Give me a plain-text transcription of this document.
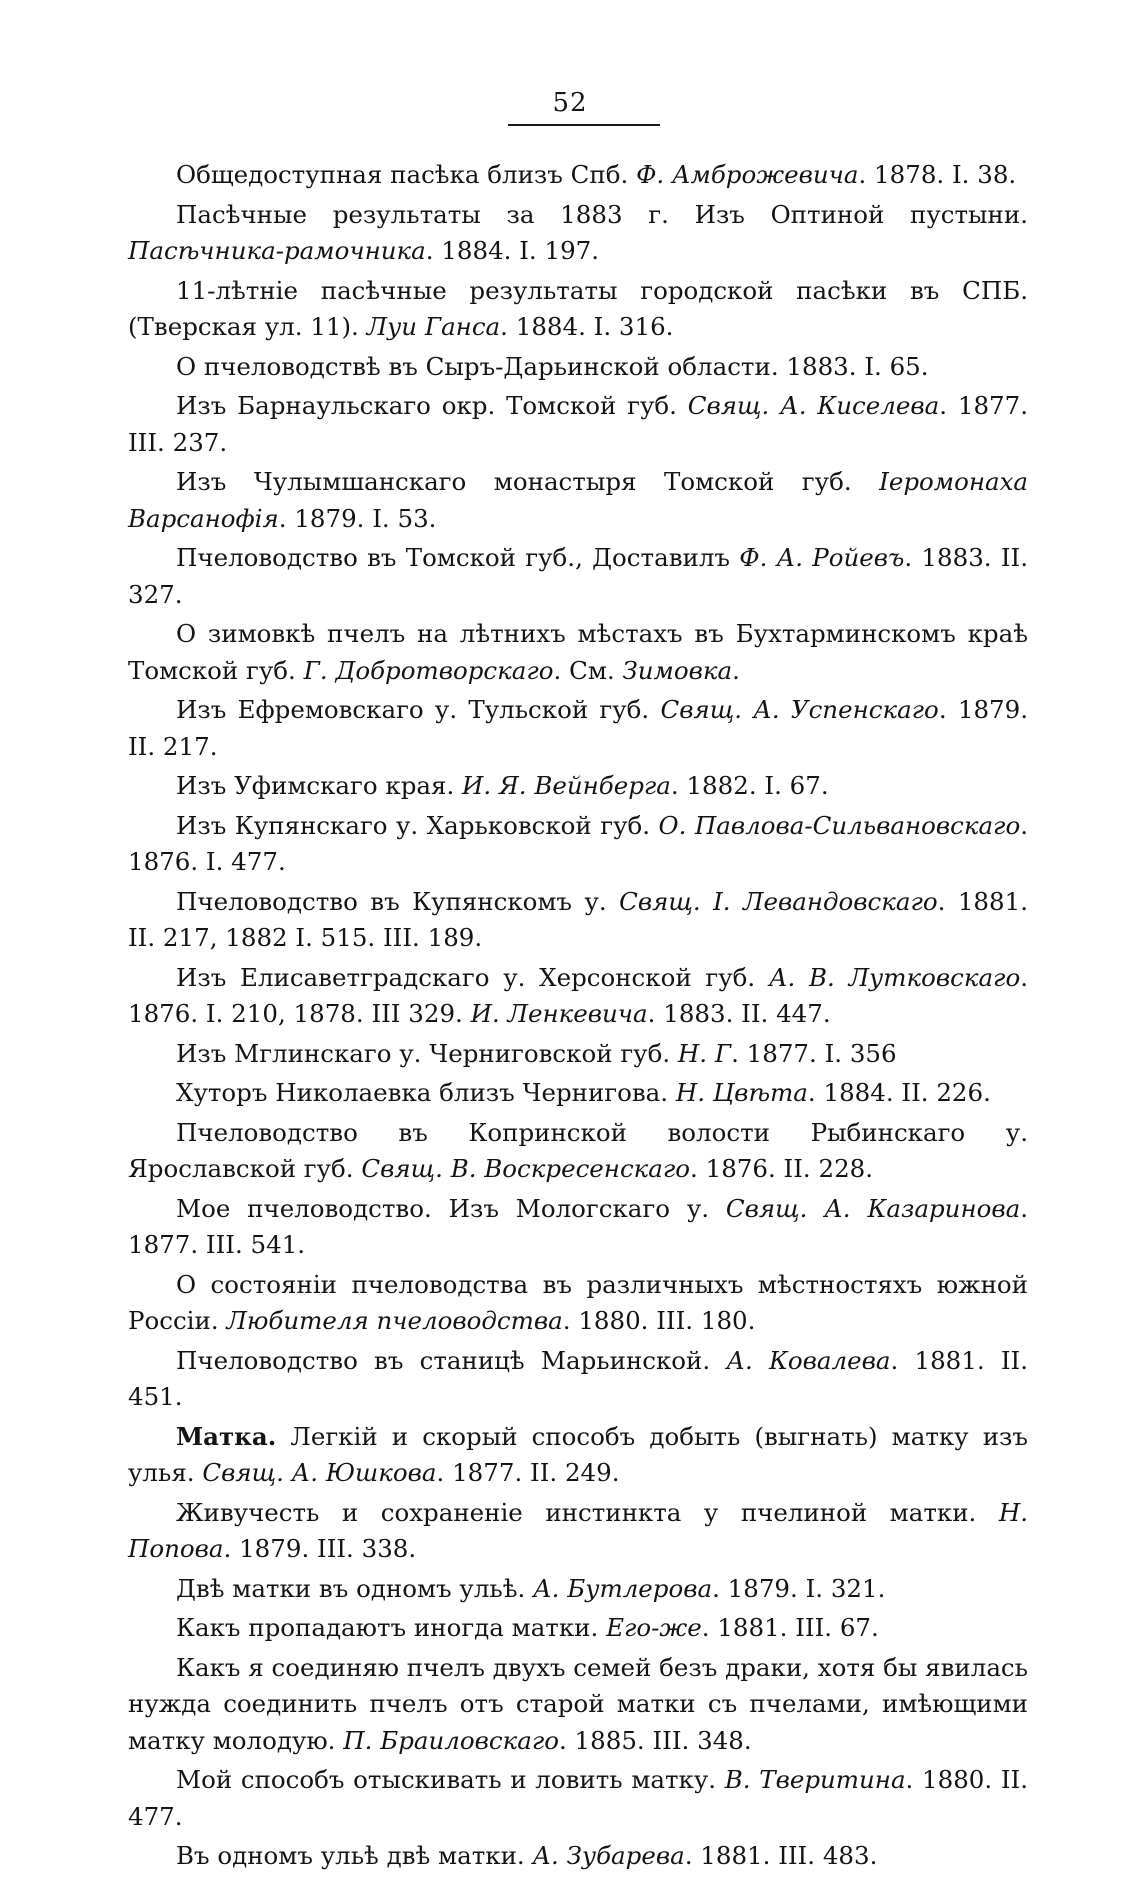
52

Общедоступная пасѣка близъ Спб. Ф. Амброжевича. 1878. I. 38.

Пасѣчные результаты за 1883 г. Изъ Оптиной пустыни. Пасѣчника-рамочника. 1884. I. 197.

11-лѣтніе пасѣчные результаты городской пасѣки въ СПБ. (Тверская ул. 11). Луи Ганса. 1884. I. 316.

О пчеловодствѣ въ Сыръ-Дарьинской области. 1883. I. 65.

Изъ Барнаульскаго окр. Томской губ. Свящ. А. Киселева. 1877. III. 237.

Изъ Чулымшанскаго монастыря Томской губ. Іеромонаха Варсанофія. 1879. I. 53.

Пчеловодство въ Томской губ., Доставилъ Ф. А. Ройевъ. 1883. II. 327.

О зимовкѣ пчелъ на лѣтнихъ мѣстахъ въ Бухтарминскомъ краѣ Томской губ. Г. Добротворскаго. См. Зимовка.

Изъ Ефремовскаго у. Тульской губ. Свящ. А. Успенскаго. 1879. II. 217.

Изъ Уфимскаго края. И. Я. Вейнберга. 1882. I. 67.

Изъ Купянскаго у. Харьковской губ. О. Павлова-Сильвановскаго. 1876. I. 477.

Пчеловодство въ Купянскомъ у. Свящ. I. Левандовскаго. 1881. II. 217, 1882 I. 515. III. 189.

Изъ Елисаветградскаго у. Херсонской губ. А. В. Лутковскаго. 1876. I. 210, 1878. III 329. И. Ленкевича. 1883. II. 447.

Изъ Мглинскаго у. Черниговской губ. Н. Г. 1877. I. 356

Хуторъ Николаевка близъ Чернигова. Н. Цвѣта. 1884. II. 226.

Пчеловодство въ Копринской волости Рыбинскаго у. Ярославской губ. Свящ. В. Воскресенскаго. 1876. II. 228.

Мое пчеловодство. Изъ Мологскаго у. Свящ. А. Казаринова. 1877. III. 541.

О состояніи пчеловодства въ различныхъ мѣстностяхъ южной Россіи. Любителя пчеловодства. 1880. III. 180.

Пчеловодство въ станицѣ Марьинской. А. Ковалева. 1881. II. 451.

Матка. Легкій и скорый способъ добыть (выгнать) матку изъ улья. Свящ. А. Юшкова. 1877. II. 249.

Живучесть и сохраненіе инстинкта у пчелиной матки. Н. Попова. 1879. III. 338.

Двѣ матки въ одномъ ульѣ. А. Бутлерова. 1879. I. 321.

Какъ пропадаютъ иногда матки. Его-же. 1881. III. 67.

Какъ я соединяю пчелъ двухъ семей безъ драки, хотя бы явилась нужда соединить пчелъ отъ старой матки съ пчелами, имѣющими матку молодую. П. Браиловскаго. 1885. III. 348.

Мой способъ отыскивать и ловить матку. В. Тверитина. 1880. II. 477.

Въ одномъ ульѣ двѣ матки. А. Зубарева. 1881. III. 483.
